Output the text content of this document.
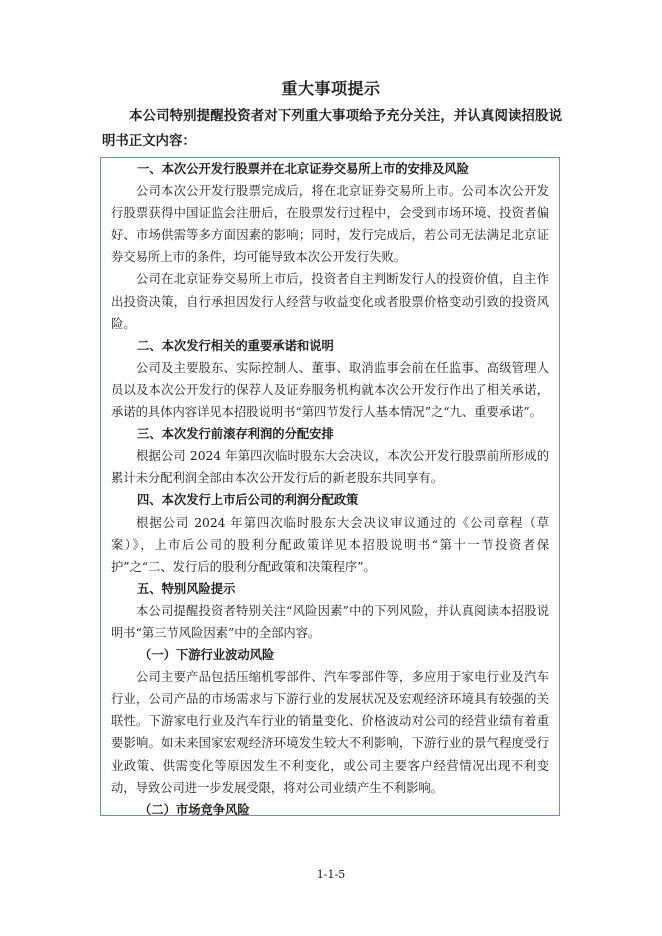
重大事项提示
本公司特别提醒投资者对下列重大事项给予充分关注，并认真阅读招股说明书正文内容：

一、本次公开发行股票并在北京证券交易所上市的安排及风险

公司本次公开发行股票完成后，将在北京证券交易所上市。公司本次公开发行股票获得中国证监会注册后，在股票发行过程中，会受到市场环境、投资者偏好、市场供需等多方面因素的影响；同时，发行完成后，若公司无法满足北京证券交易所上市的条件，均可能导致本次公开发行失败。

公司在北京证券交易所上市后，投资者自主判断发行人的投资价值，自主作出投资决策，自行承担因发行人经营与收益变化或者股票价格变动引致的投资风险。

二、本次发行相关的重要承诺和说明

公司及主要股东、实际控制人、董事、取消监事会前在任监事、高级管理人员以及本次公开发行的保荐人及证券服务机构就本次公开发行作出了相关承诺，承诺的具体内容详见本招股说明书“第四节发行人基本情况”之“九、重要承诺”。

三、本次发行前滚存利润的分配安排

根据公司 2024 年第四次临时股东大会决议，本次公开发行股票前所形成的累计未分配利润全部由本次公开发行后的新老股东共同享有。

四、本次发行上市后公司的利润分配政策

根据公司 2024 年第四次临时股东大会决议审议通过的《公司章程（草案）》，上市后公司的股利分配政策详见本招股说明书“第十一节投资者保护”之“二、发行后的股利分配政策和决策程序”。

五、特别风险提示

本公司提醒投资者特别关注“风险因素”中的下列风险，并认真阅读本招股说明书“第三节风险因素”中的全部内容。

（一）下游行业波动风险

公司主要产品包括压缩机零部件、汽车零部件等，多应用于家电行业及汽车行业，公司产品的市场需求与下游行业的发展状况及宏观经济环境具有较强的关联性。下游家电行业及汽车行业的销量变化、价格波动对公司的经营业绩有着重要影响。如未来国家宏观经济环境发生较大不利影响，下游行业的景气程度受行业政策、供需变化等原因发生不利变化，或公司主要客户经营情况出现不利变动，导致公司进一步发展受限，将对公司业绩产生不利影响。

（二）市场竞争风险

1-1-5
